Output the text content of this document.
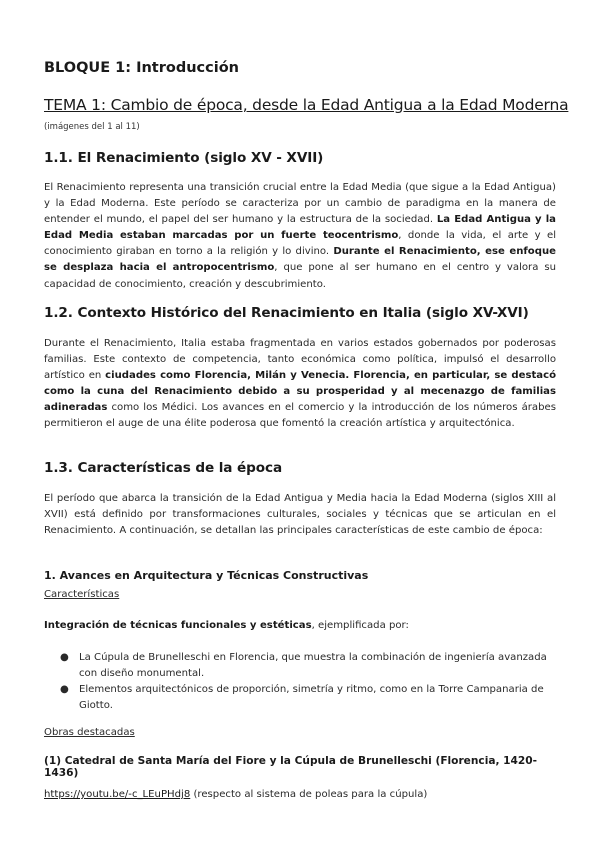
BLOQUE 1: Introducción
TEMA 1: Cambio de época, desde la Edad Antigua a la Edad Moderna
(imágenes del 1 al 11)
1.1. El Renacimiento (siglo XV - XVII)
El Renacimiento representa una transición crucial entre la Edad Media (que sigue a la Edad Antigua) y la Edad Moderna. Este período se caracteriza por un cambio de paradigma en la manera de entender el mundo, el papel del ser humano y la estructura de la sociedad. La Edad Antigua y la Edad Media estaban marcadas por un fuerte teocentrismo, donde la vida, el arte y el conocimiento giraban en torno a la religión y lo divino. Durante el Renacimiento, ese enfoque se desplaza hacia el antropocentrismo, que pone al ser humano en el centro y valora su capacidad de conocimiento, creación y descubrimiento.
1.2. Contexto Histórico del Renacimiento en Italia (siglo XV-XVI)
Durante el Renacimiento, Italia estaba fragmentada en varios estados gobernados por poderosas familias. Este contexto de competencia, tanto económica como política, impulsó el desarrollo artístico en ciudades como Florencia, Milán y Venecia. Florencia, en particular, se destacó como la cuna del Renacimiento debido a su prosperidad y al mecenazgo de familias adineradas como los Médici. Los avances en el comercio y la introducción de los números árabes permitieron el auge de una élite poderosa que fomentó la creación artística y arquitectónica.
1.3. Características de la época
El período que abarca la transición de la Edad Antigua y Media hacia la Edad Moderna (siglos XIII al XVII) está definido por transformaciones culturales, sociales y técnicas que se articulan en el Renacimiento. A continuación, se detallan las principales características de este cambio de época:
1. Avances en Arquitectura y Técnicas Constructivas
Características
Integración de técnicas funcionales y estéticas, ejemplificada por:
● La Cúpula de Brunelleschi en Florencia, que muestra la combinación de ingeniería avanzada con diseño monumental.
● Elementos arquitectónicos de proporción, simetría y ritmo, como en la Torre Campanaria de Giotto.
Obras destacadas
(1) Catedral de Santa María del Fiore y la Cúpula de Brunelleschi (Florencia, 1420-1436)
https://youtu.be/-c_LEuPHdj8 (respecto al sistema de poleas para la cúpula)
